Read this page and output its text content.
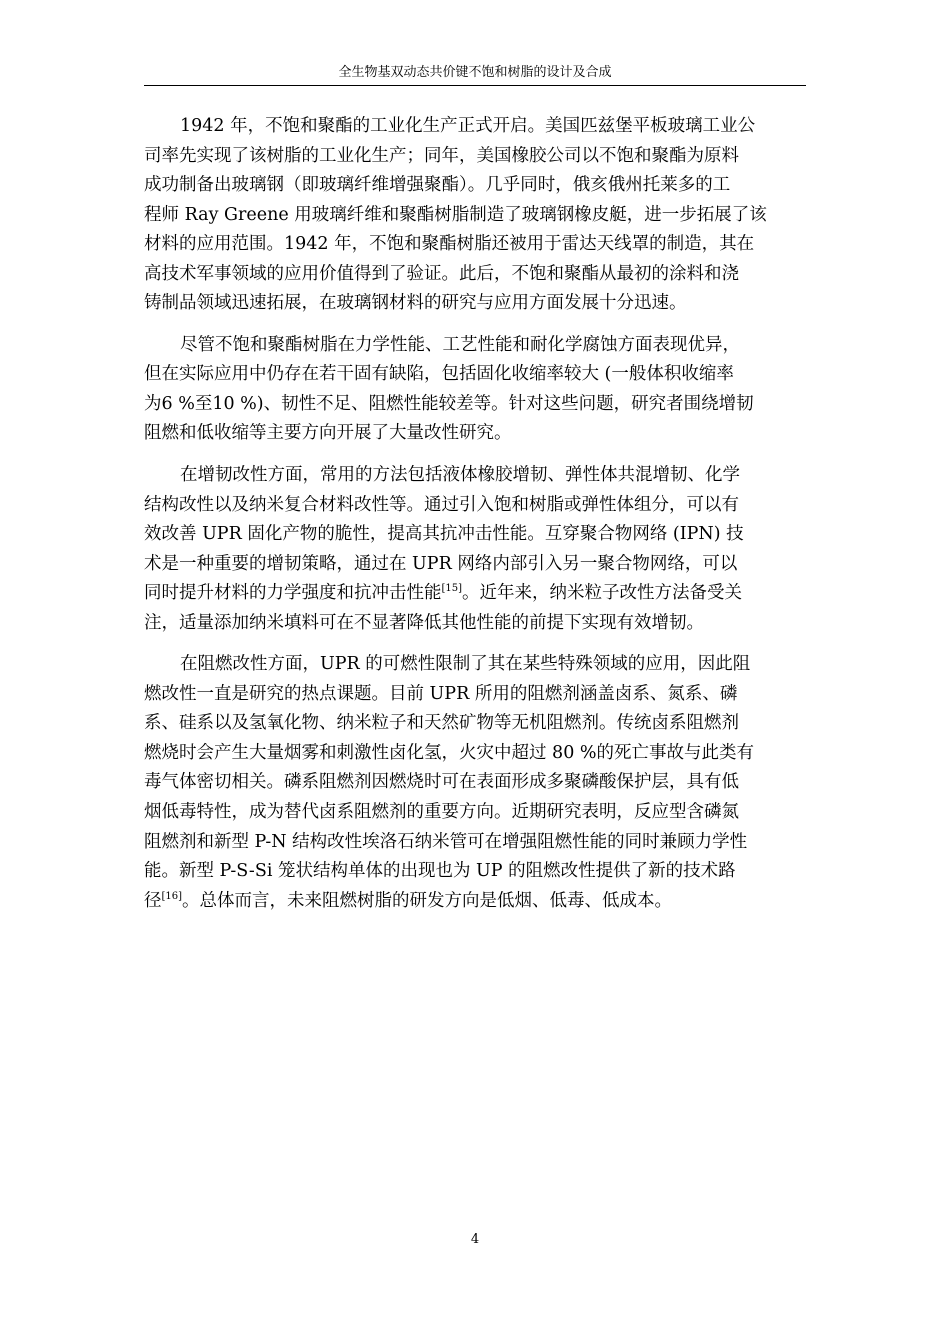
全生物基双动态共价键不饱和树脂的设计及合成

1942 年，不饱和聚酯的工业化生产正式开启。美国匹兹堡平板玻璃工业公
司率先实现了该树脂的工业化生产；同年，美国橡胶公司以不饱和聚酯为原料
成功制备出玻璃钢（即玻璃纤维增强聚酯）。几乎同时，俄亥俄州托莱多的工
程师 Ray Greene 用玻璃纤维和聚酯树脂制造了玻璃钢橡皮艇，进一步拓展了该
材料的应用范围。1942 年，不饱和聚酯树脂还被用于雷达天线罩的制造，其在
高技术军事领域的应用价值得到了验证。此后，不饱和聚酯从最初的涂料和浇
铸制品领域迅速拓展，在玻璃钢材料的研究与应用方面发展十分迅速。

尽管不饱和聚酯树脂在力学性能、工艺性能和耐化学腐蚀方面表现优异，
但在实际应用中仍存在若干固有缺陷，包括固化收缩率较大 (一般体积收缩率
为6 %至10 %)、韧性不足、阻燃性能较差等。针对这些问题，研究者围绕增韧
阻燃和低收缩等主要方向开展了大量改性研究。

在增韧改性方面，常用的方法包括液体橡胶增韧、弹性体共混增韧、化学
结构改性以及纳米复合材料改性等。通过引入饱和树脂或弹性体组分，可以有
效改善 UPR 固化产物的脆性，提高其抗冲击性能。互穿聚合物网络 (IPN) 技
术是一种重要的增韧策略，通过在 UPR 网络内部引入另一聚合物网络，可以
同时提升材料的力学强度和抗冲击性能[15]。近年来，纳米粒子改性方法备受关
注，适量添加纳米填料可在不显著降低其他性能的前提下实现有效增韧。

在阻燃改性方面，UPR 的可燃性限制了其在某些特殊领域的应用，因此阻
燃改性一直是研究的热点课题。目前 UPR 所用的阻燃剂涵盖卤系、氮系、磷
系、硅系以及氢氧化物、纳米粒子和天然矿物等无机阻燃剂。传统卤系阻燃剂
燃烧时会产生大量烟雾和刺激性卤化氢，火灾中超过 80 %的死亡事故与此类有
毒气体密切相关。磷系阻燃剂因燃烧时可在表面形成多聚磷酸保护层，具有低
烟低毒特性，成为替代卤系阻燃剂的重要方向。近期研究表明，反应型含磷氮
阻燃剂和新型 P-N 结构改性埃洛石纳米管可在增强阻燃性能的同时兼顾力学性
能。新型 P-S-Si 笼状结构单体的出现也为 UP 的阻燃改性提供了新的技术路
径[16]。总体而言，未来阻燃树脂的研发方向是低烟、低毒、低成本。

4
